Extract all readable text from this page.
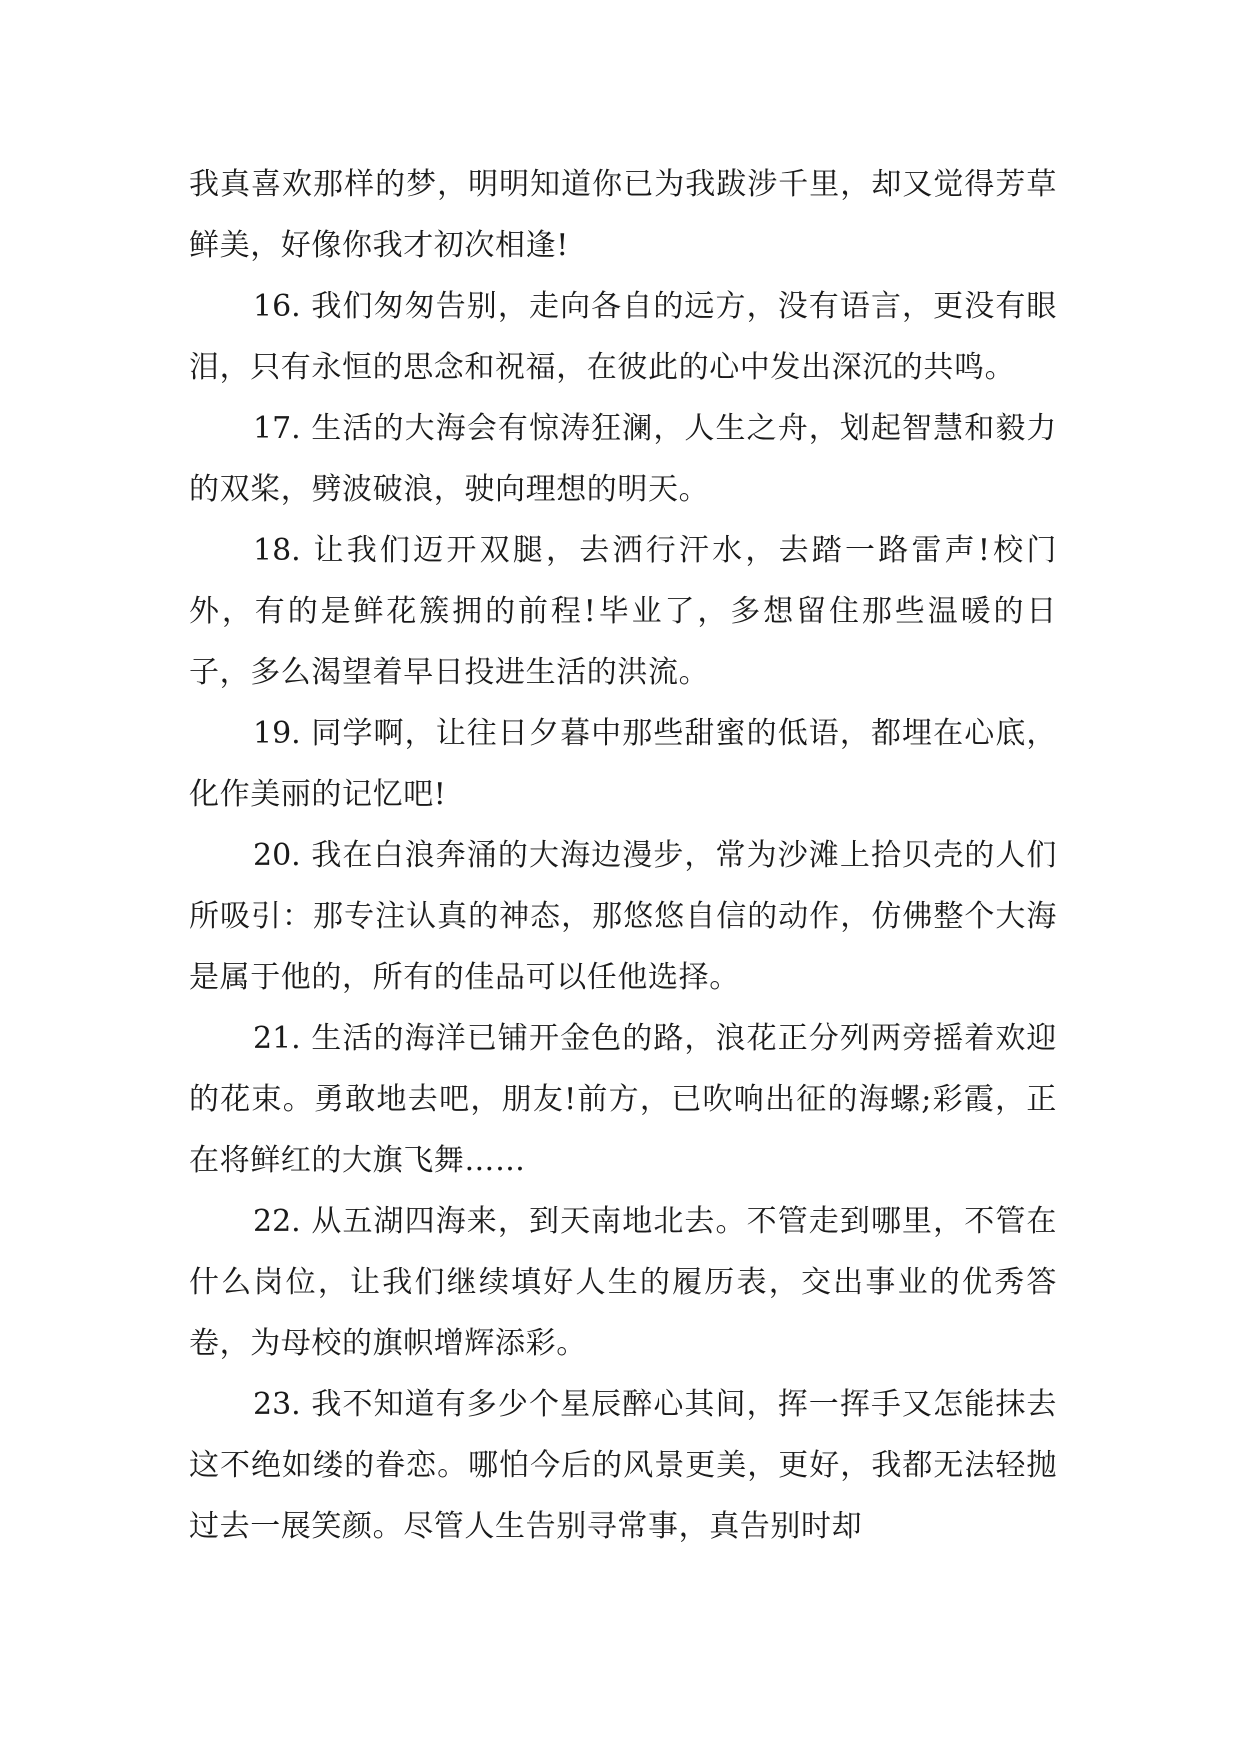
我真喜欢那样的梦，明明知道你已为我跋涉千里，却又觉得芳草鲜美，好像你我才初次相逢!

16. 我们匆匆告别，走向各自的远方，没有语言，更没有眼泪，只有永恒的思念和祝福，在彼此的心中发出深沉的共鸣。

17. 生活的大海会有惊涛狂澜，人生之舟，划起智慧和毅力的双桨，劈波破浪，驶向理想的明天。

18. 让我们迈开双腿，去洒行汗水，去踏一路雷声!校门外，有的是鲜花簇拥的前程!毕业了，多想留住那些温暖的日子，多么渴望着早日投进生活的洪流。

19. 同学啊，让往日夕暮中那些甜蜜的低语，都埋在心底，化作美丽的记忆吧!

20. 我在白浪奔涌的大海边漫步，常为沙滩上拾贝壳的人们所吸引：那专注认真的神态，那悠悠自信的动作，仿佛整个大海是属于他的，所有的佳品可以任他选择。

21. 生活的海洋已铺开金色的路，浪花正分列两旁摇着欢迎的花束。勇敢地去吧，朋友!前方，已吹响出征的海螺;彩霞，正在将鲜红的大旗飞舞……

22. 从五湖四海来，到天南地北去。不管走到哪里，不管在什么岗位，让我们继续填好人生的履历表，交出事业的优秀答卷，为母校的旗帜增辉添彩。

23. 我不知道有多少个星辰醉心其间，挥一挥手又怎能抹去这不绝如缕的眷恋。哪怕今后的风景更美，更好，我都无法轻抛过去一展笑颜。尽管人生告别寻常事，真告别时却
